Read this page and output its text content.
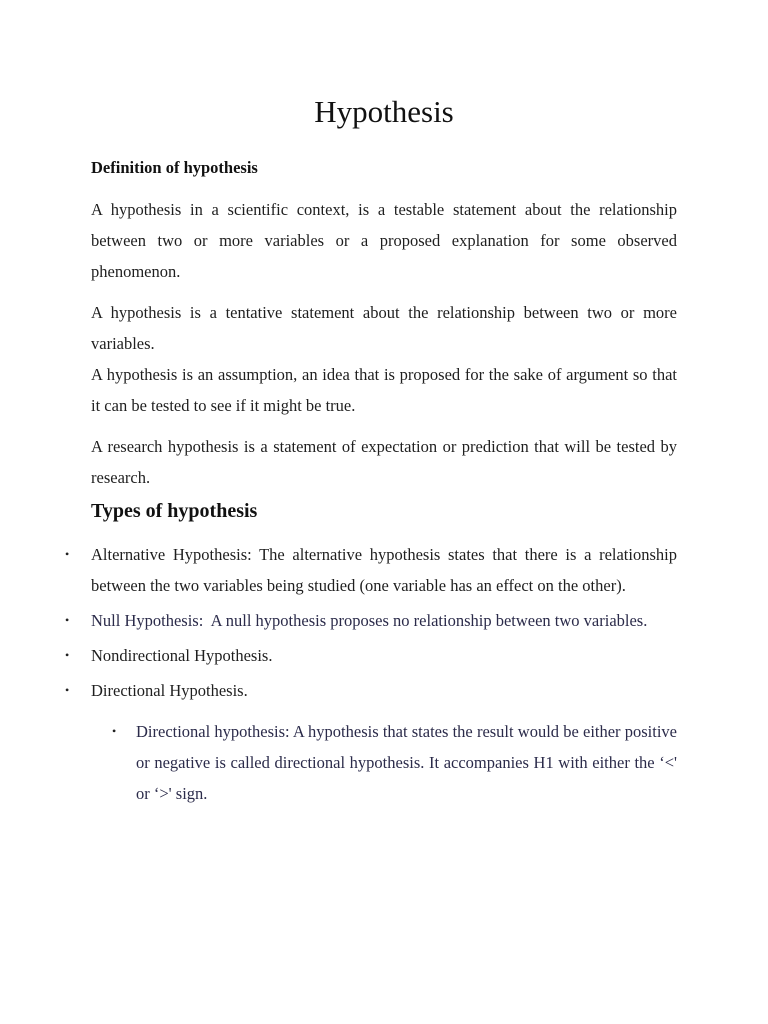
Hypothesis
Definition of hypothesis

A hypothesis in a scientific context, is a testable statement about the relationship between two or more variables or a proposed explanation for some observed phenomenon.

A hypothesis is a tentative statement about the relationship between two or more variables.

A hypothesis is an assumption, an idea that is proposed for the sake of argument so that it can be tested to see if it might be true.

A research hypothesis is a statement of expectation or prediction that will be tested by research.

Types of hypothesis
• Alternative Hypothesis: The alternative hypothesis states that there is a relationship between the two variables being studied (one variable has an effect on the other).
• Null Hypothesis:  A null hypothesis proposes no relationship between two variables.
• Nondirectional Hypothesis.
• Directional Hypothesis.
• Directional hypothesis: A hypothesis that states the result would be either positive or negative is called directional hypothesis. It accompanies H1 with either the ‘<' or ‘>' sign.
